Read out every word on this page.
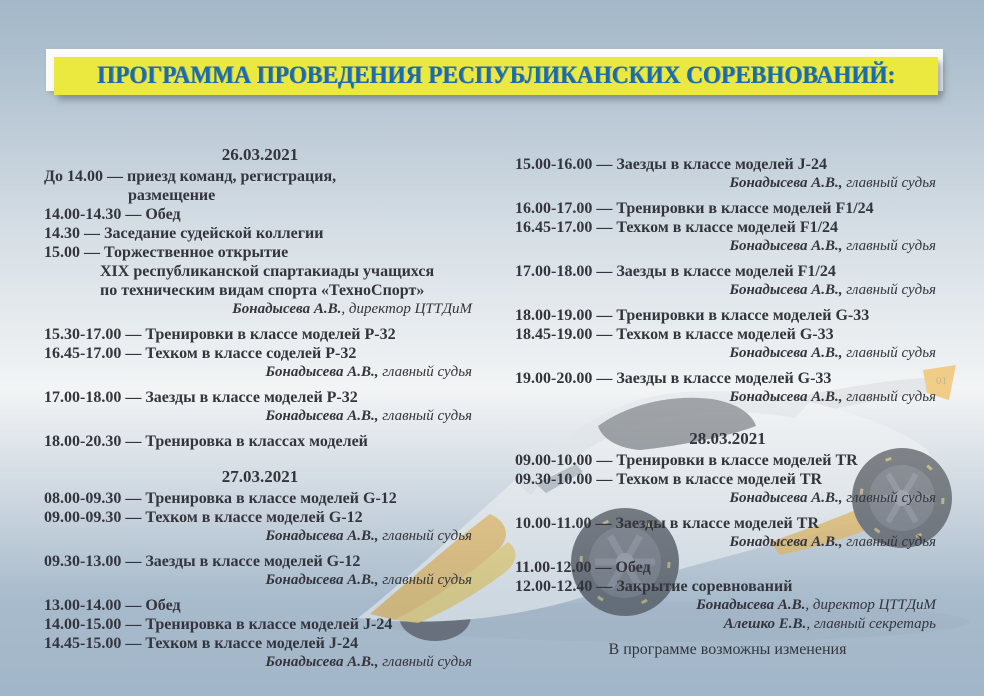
ПРОГРАММА ПРОВЕДЕНИЯ РЕСПУБЛИКАНСКИХ СОРЕВНОВАНИЙ:
01
26.03.2021
До 14.00 — приезд команд, регистрация,
размещение
14.00-14.30 — Обед
14.30 — Заседание судейской коллегии
15.00 — Торжественное открытие
XIX республиканской спартакиады учащихся
по техническим видам спорта «ТехноСпорт»
Бонадысева А.В., директор ЦТТДиМ
15.30-17.00 — Тренировки в классе моделей Р-32
16.45-17.00 — Техком в классе соделей Р-32
Бонадысева А.В., главный судья
17.00-18.00 — Заезды в классе моделей Р-32
Бонадысева А.В., главный судья
18.00-20.30 — Тренировка в классах моделей
27.03.2021
08.00-09.30 — Тренировка в классе моделей G-12
09.00-09.30 — Техком в классе моделей G-12
Бонадысева А.В., главный судья
09.30-13.00 — Заезды в классе моделей G-12
Бонадысева А.В., главный судья
13.00-14.00 — Обед
14.00-15.00 — Тренировка в классе моделей J-24
14.45-15.00 — Техком в классе моделей J-24
Бонадысева А.В., главный судья
15.00-16.00 — Заезды в классе моделей J-24
Бонадысева А.В., главный судья
16.00-17.00 — Тренировки в классе моделей F1/24
16.45-17.00 — Техком в классе моделей F1/24
Бонадысева А.В., главный судья
17.00-18.00 — Заезды в классе моделей F1/24
Бонадысева А.В., главный судья
18.00-19.00 — Тренировки в классе моделей G-33
18.45-19.00 — Техком в классе моделей G-33
Бонадысева А.В., главный судья
19.00-20.00 — Заезды в классе моделей G-33
Бонадысева А.В., главный судья
28.03.2021
09.00-10.00 — Тренировки в классе моделей TR
09.30-10.00 — Техком в классе моделей TR
Бонадысева А.В., главный судья
10.00-11.00 — Заезды в классе моделей TR
Бонадысева А.В., главный судья
11.00-12.00 — Обед
12.00-12.40 — Закрытие соревнований
Бонадысева А.В., директор ЦТТДиМ
Алешко Е.В., главный секретарь
В программе возможны изменения
